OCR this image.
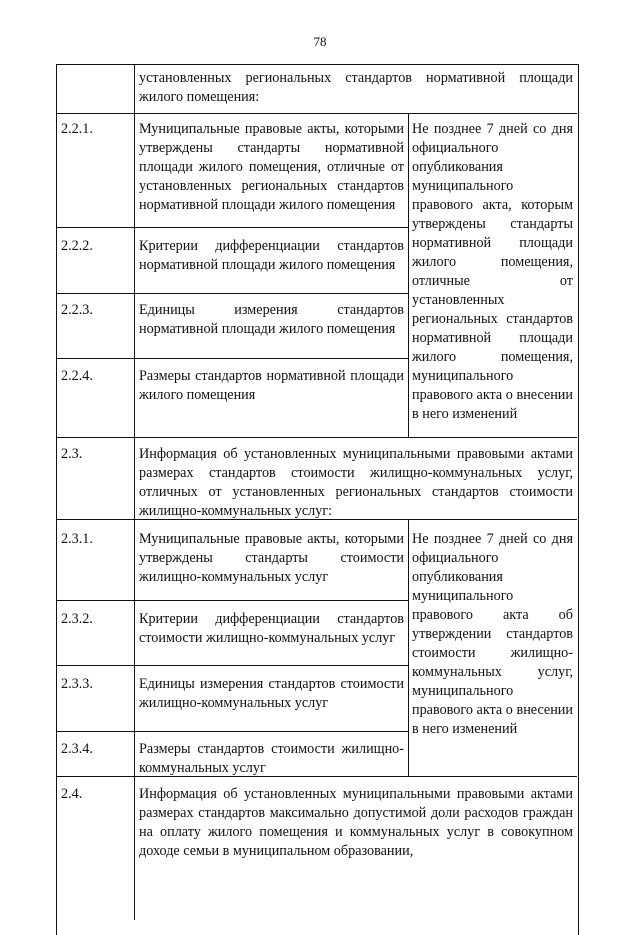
78
установленных региональных стандартов нормативной площади жилого помещения:
2.2.1.	Муниципальные правовые акты, которыми утверждены стандарты нормативной площади жилого помещения, отличные от установленных региональных стандартов нормативной площади жилого помещения
2.2.2.	Критерии дифференциации стандартов нормативной площади жилого помещения
2.2.3.	Единицы измерения стандартов нормативной площади жилого помещения
2.2.4.	Размеры стандартов нормативной площади жилого помещения
Не позднее 7 дней со дня официального опубликования муниципального правового акта, которым утверждены стандарты нормативной площади жилого помещения, отличные от установленных региональных стандартов нормативной площади жилого помещения, муниципального правового акта о внесении в него изменений
2.3.	Информация об установленных муниципальными правовыми актами размерах стандартов стоимости жилищно-коммунальных услуг, отличных от установленных региональных стандартов стоимости жилищно-коммунальных услуг:
2.3.1.	Муниципальные правовые акты, которыми утверждены стандарты стоимости жилищно-коммунальных услуг
2.3.2.	Критерии дифференциации стандартов стоимости жилищно-коммунальных услуг
2.3.3.	Единицы измерения стандартов стоимости жилищно-коммунальных услуг
2.3.4.	Размеры стандартов стоимости жилищно-коммунальных услуг
Не позднее 7 дней со дня официального опубликования муниципального правового акта об утверждении стандартов стоимости жилищно-коммунальных услуг, муниципального правового акта о внесении в него изменений
2.4.	Информация об установленных муниципальными правовыми актами размерах стандартов максимально допустимой доли расходов граждан на оплату жилого помещения и коммунальных услуг в совокупном доходе семьи в муниципальном образовании,
